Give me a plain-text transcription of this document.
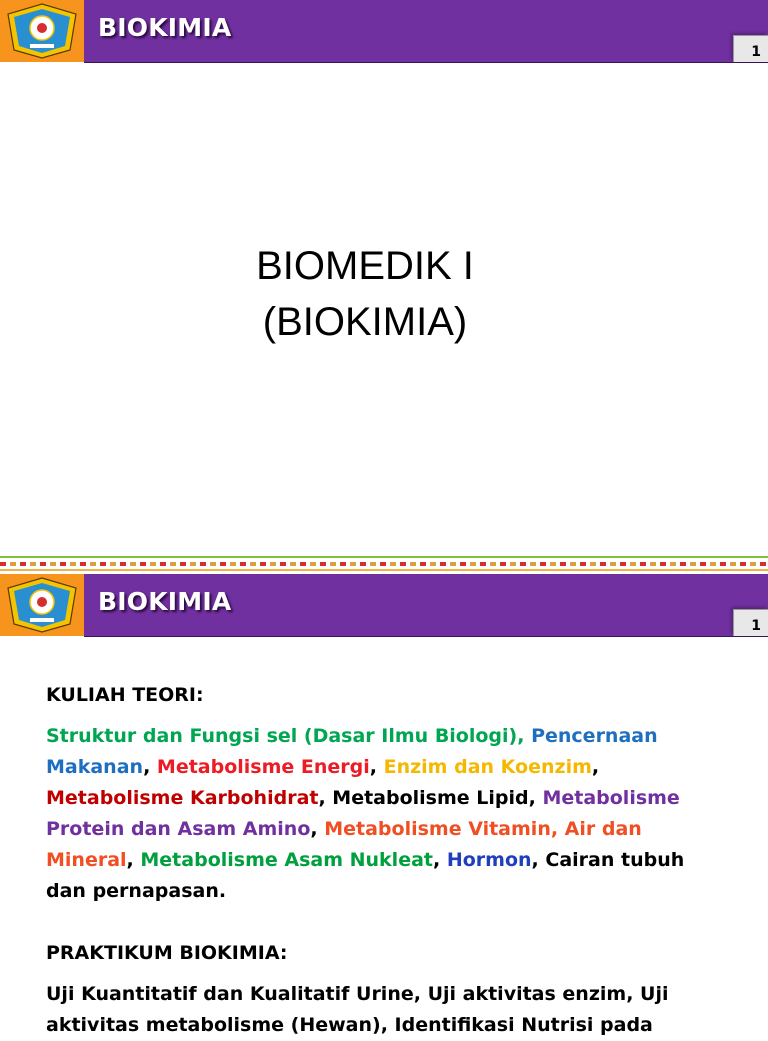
BIOKIMIA
1
BIOMEDIK I
(BIOKIMIA)
BIOKIMIA
1

KULIAH TEORI:

Struktur dan Fungsi sel (Dasar Ilmu Biologi), Pencernaan Makanan, Metabolisme Energi, Enzim dan Koenzim, Metabolisme Karbohidrat, Metabolisme Lipid, Metabolisme Protein dan Asam Amino, Metabolisme Vitamin, Air dan Mineral, Metabolisme Asam Nukleat, Hormon, Cairan tubuh dan pernapasan.

PRAKTIKUM BIOKIMIA:

Uji Kuantitatif dan Kualitatif Urine, Uji aktivitas enzim, Uji aktivitas metabolisme (Hewan), Identifikasi Nutrisi pada
